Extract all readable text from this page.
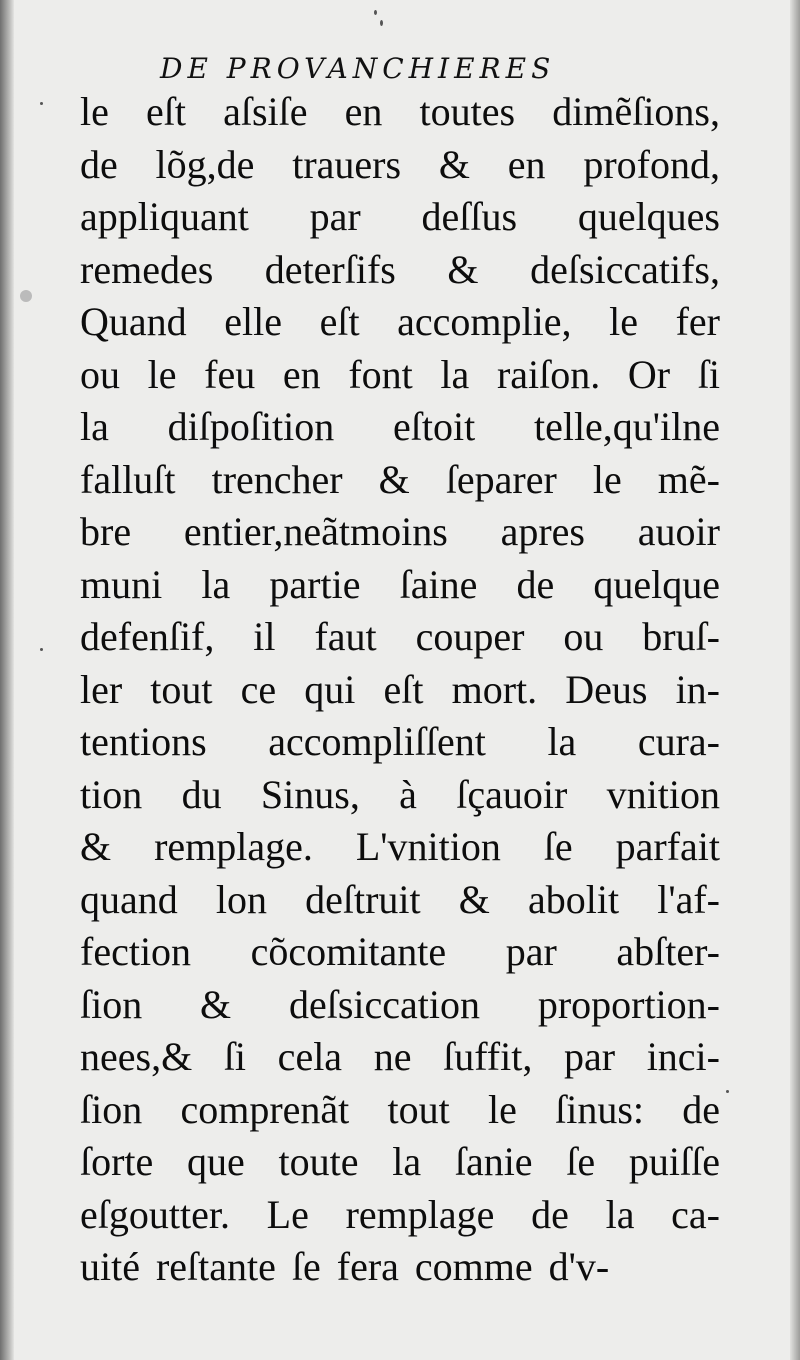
DE PROVANCHIERES
le eſt aſsiſe en toutes dimẽſions,
de lõg,de trauers & en profond,
appliquant par deſſus quelques
remedes deterſifs & deſsiccatifs,
Quand elle eſt accomplie, le fer
ou le feu en font la raiſon. Or ſi
la diſpoſition eſtoit telle,qu'ilne
falluſt trencher & ſeparer le mẽ-
bre entier,neãtmoins apres auoir
muni la partie ſaine de quelque
defenſif, il faut couper ou bruſ-
ler tout ce qui eſt mort. Deus in-
tentions accompliſſent la cura-
tion du Sinus, à ſçauoir vnition
& remplage. L'vnition ſe parfait
quand lon deſtruit & abolit l'af-
fection cõcomitante par abſter-
ſion & deſsiccation proportion-
nees,& ſi cela ne ſuffit, par inci-
ſion comprenãt tout le ſinus: de
ſorte que toute la ſanie ſe puiſſe
eſgoutter. Le remplage de la ca-
uité reſtante ſe fera comme d'v-
